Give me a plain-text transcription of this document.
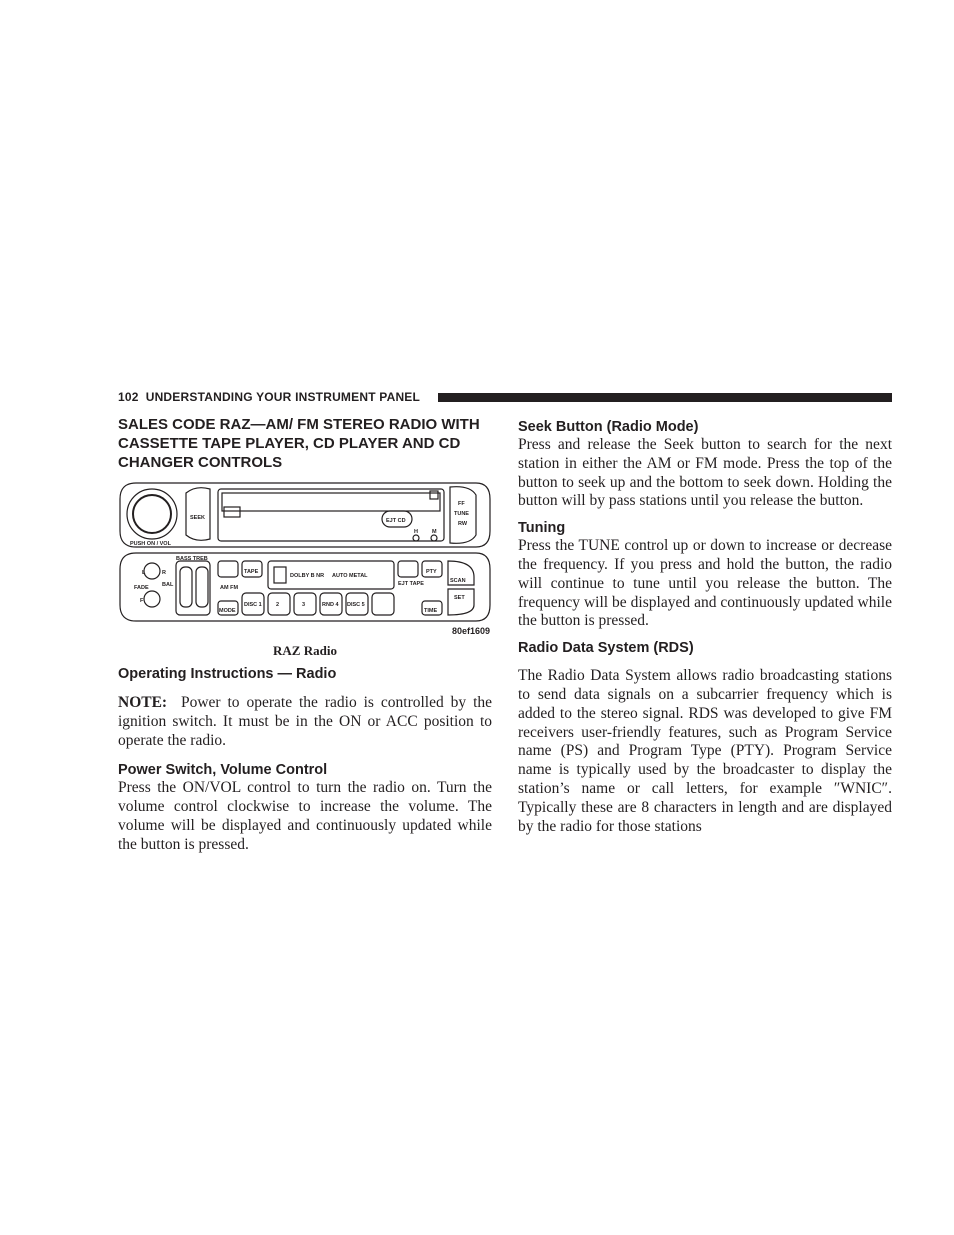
102 UNDERSTANDING YOUR INSTRUMENT PANEL
SALES CODE RAZ—AM/ FM STEREO RADIO WITH CASSETTE TAPE PLAYER, CD PLAYER AND CD CHANGER CONTROLS
PUSH ON / VOL
SEEK	EJT CD
H	M
FF
TUNE
RW
L	R
BASS TREB
BAL
FADE
F
AM FM
TAPE
DOLBY B NR AUTO METAL
EJT TAPE
PTY
SCAN
MODE
DISC 1	2	3	RND 4 DISC 5
SET
TIME
80ef1609
RAZ Radio
Operating Instructions — Radio

NOTE: Power to operate the radio is controlled by the ignition switch. It must be in the ON or ACC position to operate the radio.

Power Switch, Volume Control

Press the ON/VOL control to turn the radio on. Turn the volume control clockwise to increase the volume. The volume will be displayed and continuously updated while the button is pressed.

Seek Button (Radio Mode)

Press and release the Seek button to search for the next station in either the AM or FM mode. Press the top of the button to seek up and the bottom to seek down. Holding the button will by pass stations until you release the button.

Tuning

Press the TUNE control up or down to increase or decrease the frequency. If you press and hold the button, the radio will continue to tune until you release the button. The frequency will be displayed and continuously updated while the button is pressed.

Radio Data System (RDS)

The Radio Data System allows radio broadcasting stations to send data signals on a subcarrier frequency which is added to the stereo signal. RDS was developed to give FM receivers user-friendly features, such as Program Service name (PS) and Program Type (PTY). Program Service name is typically used by the broadcaster to display the station’s name or call letters, for example ″WNIC″. Typically these are 8 characters in length and are displayed by the radio for those stations
